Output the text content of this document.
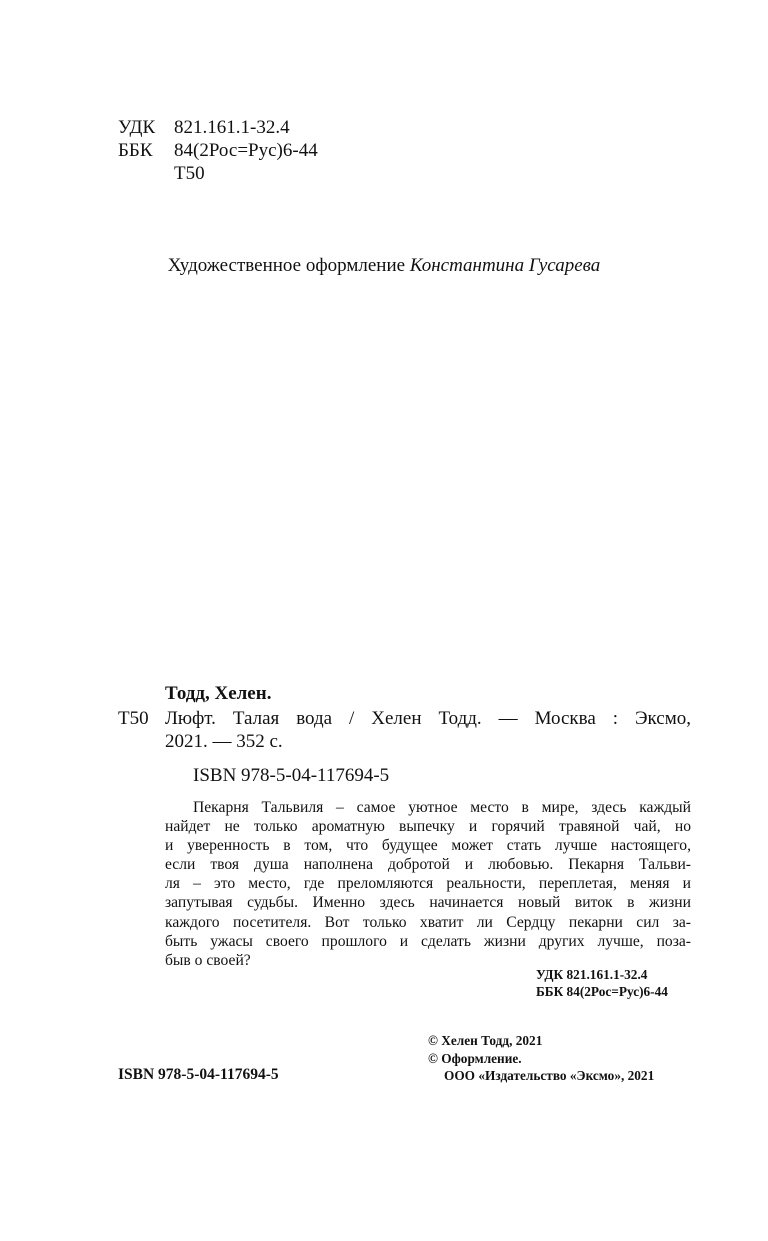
УДК 821.161.1-32.4
ББК 84(2Рос=Рус)6-44
Т50
Художественное оформление Константина Гусарева
Тодд, Хелен.
Т50 Люфт. Талая вода / Хелен Тодд. — Москва : Эксмо,
2021. — 352 с.
ISBN 978-5-04-117694-5
Пекарня Тальвиля – самое уютное место в мире, здесь каждый
найдет не только ароматную выпечку и горячий травяной чай, но
и уверенность в том, что будущее может стать лучше настоящего,
если твоя душа наполнена добротой и любовью. Пекарня Тальви-
ля – это место, где преломляются реальности, переплетая, меняя и
запутывая судьбы. Именно здесь начинается новый виток в жизни
каждого посетителя. Вот только хватит ли Сердцу пекарни сил за-
быть ужасы своего прошлого и сделать жизни других лучше, поза-
быв о своей?
УДК 821.161.1-32.4
ББК 84(2Рос=Рус)6-44
© Хелен Тодд, 2021
© Оформление.
ООО «Издательство «Эксмо», 2021
ISBN 978-5-04-117694-5
